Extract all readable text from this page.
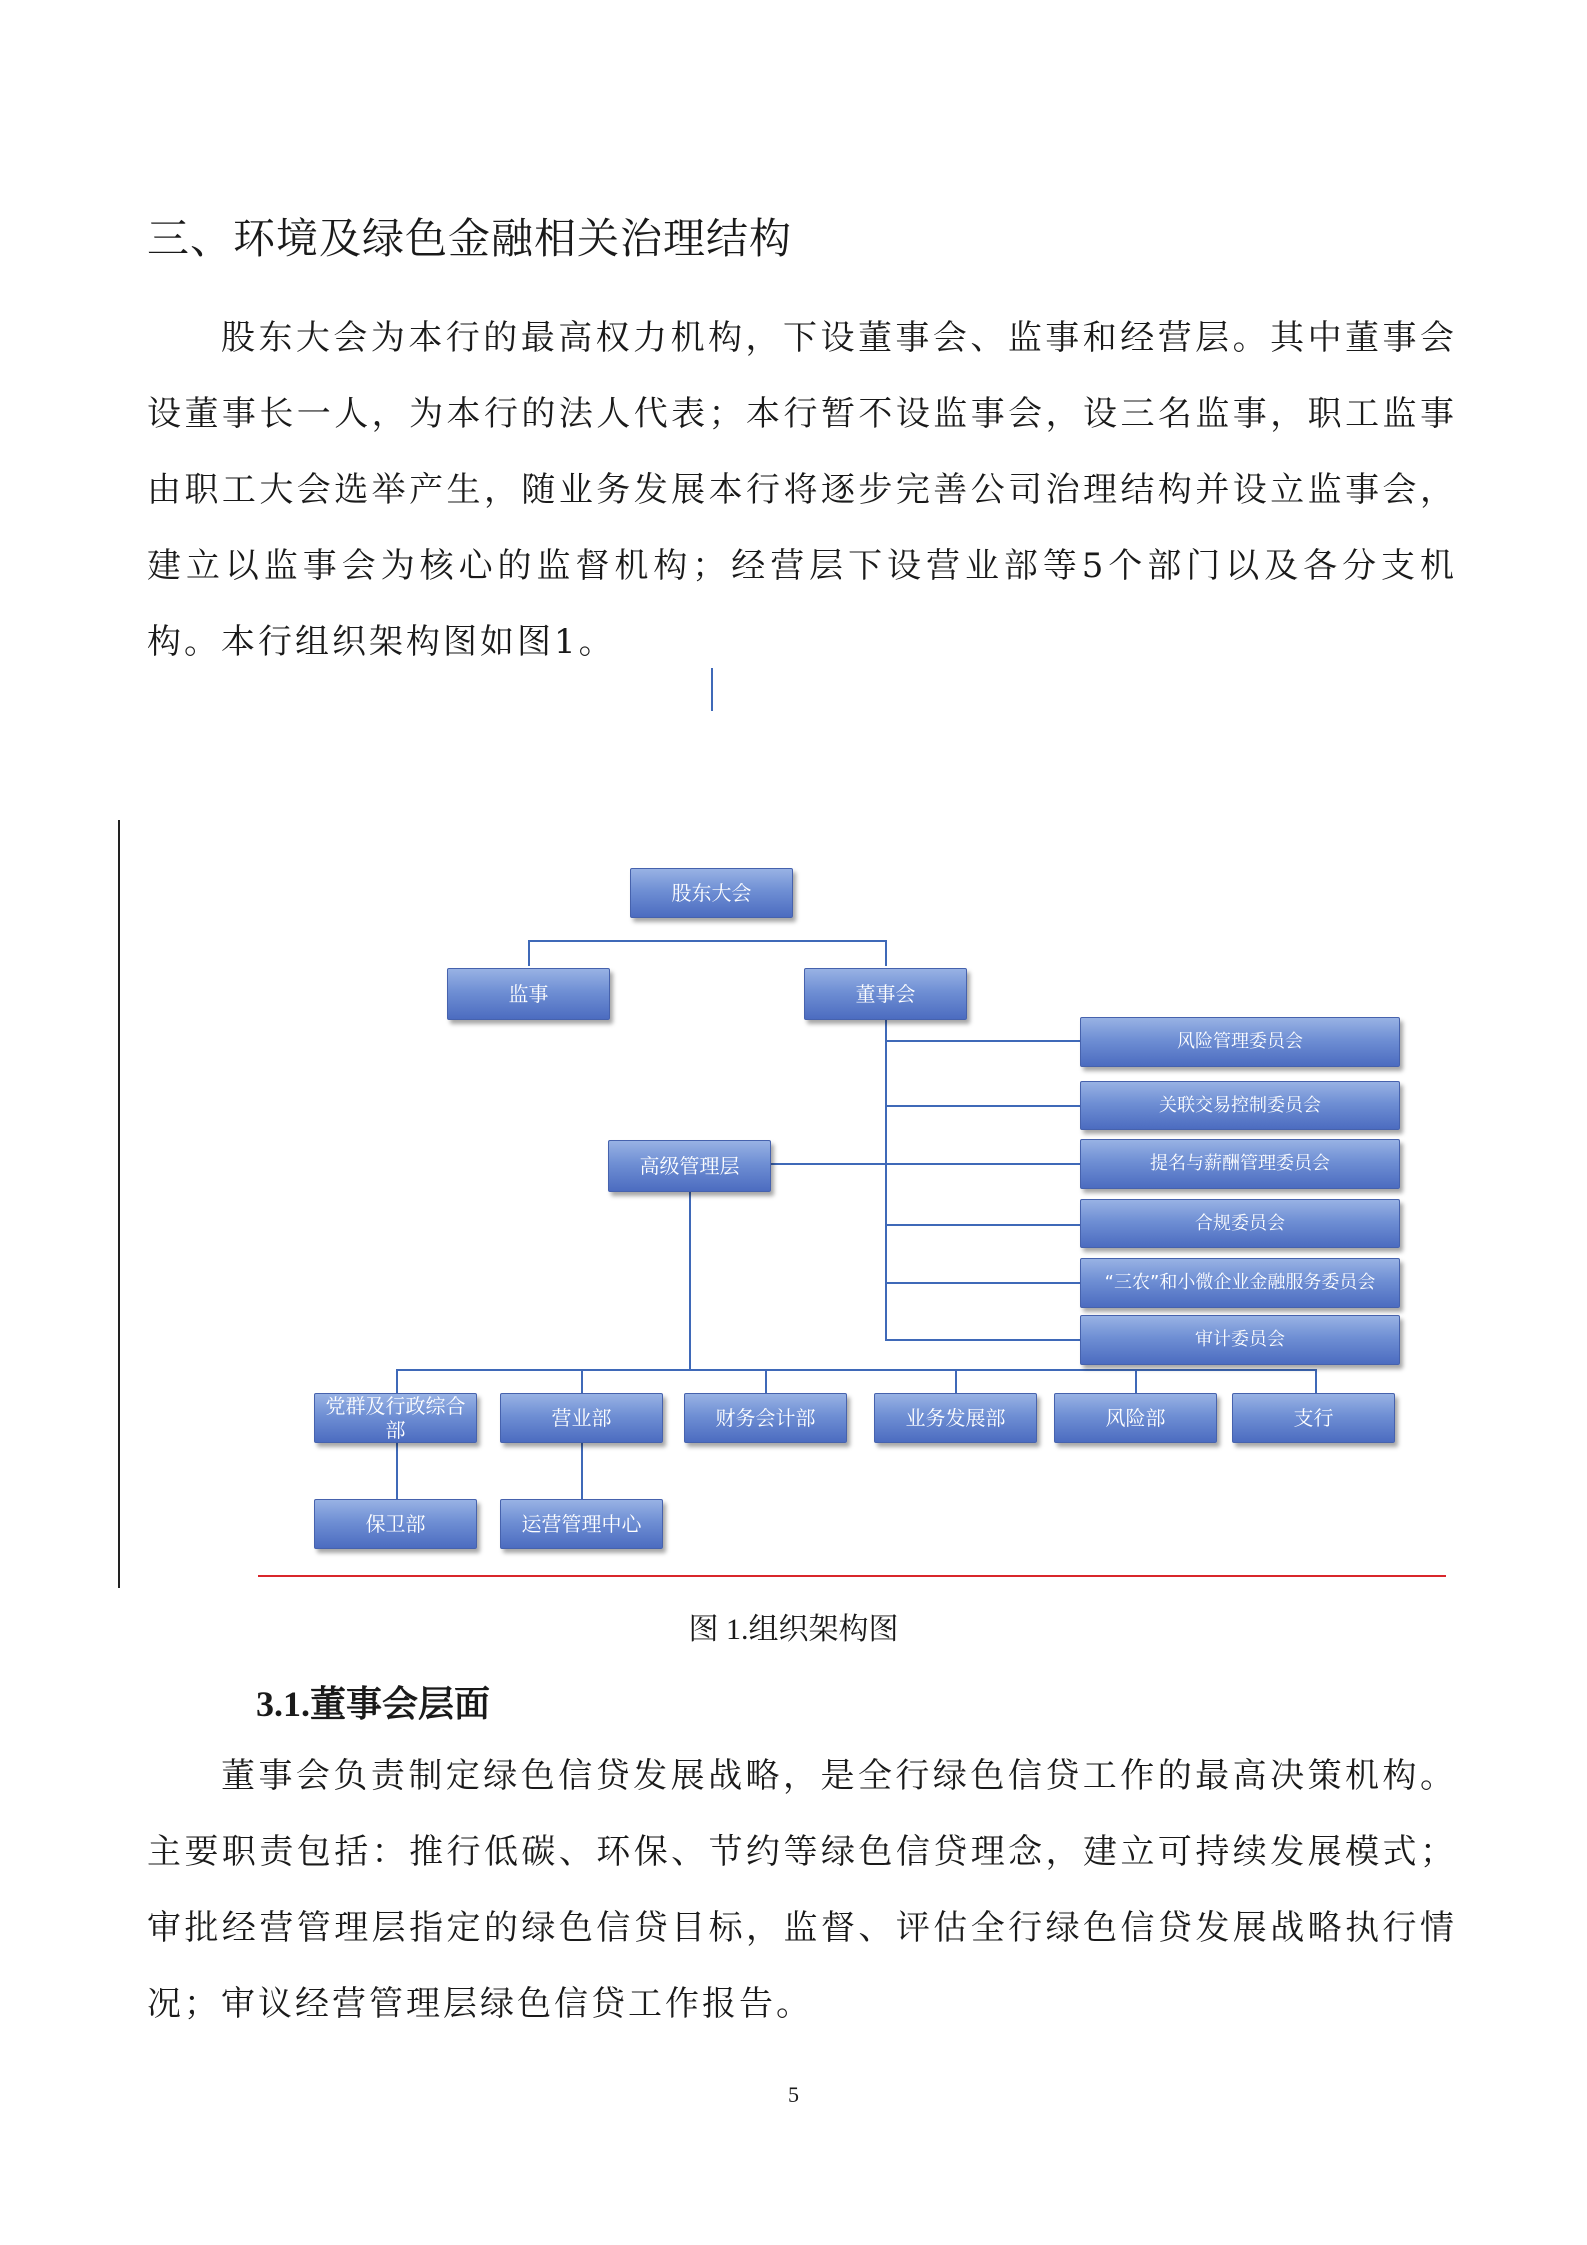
三、环境及绿色金融相关治理结构

股东大会为本行的最高权力机构，下设董事会、监事和经营层。其中董事会设董事长一人，为本行的法人代表；本行暂不设监事会，设三名监事，职工监事由职工大会选举产生，随业务发展本行将逐步完善公司治理结构并设立监事会，建立以监事会为核心的监督机构；经营层下设营业部等5个部门以及各分支机构。本行组织架构图如图1。

股东大会
监事	董事会
风险管理委员会
关联交易控制委员会
提名与薪酬管理委员会
合规委员会
“三农”和小微企业金融服务委员会
审计委员会
高级管理层
党群及行政综合部	营业部	财务会计部	业务发展部	风险部	支行
保卫部	运营管理中心
图 1.组织架构图
3.1.董事会层面

董事会负责制定绿色信贷发展战略，是全行绿色信贷工作的最高决策机构。主要职责包括：推行低碳、环保、节约等绿色信贷理念，建立可持续发展模式；审批经营管理层指定的绿色信贷目标，监督、评估全行绿色信贷发展战略执行情况；审议经营管理层绿色信贷工作报告。

5
